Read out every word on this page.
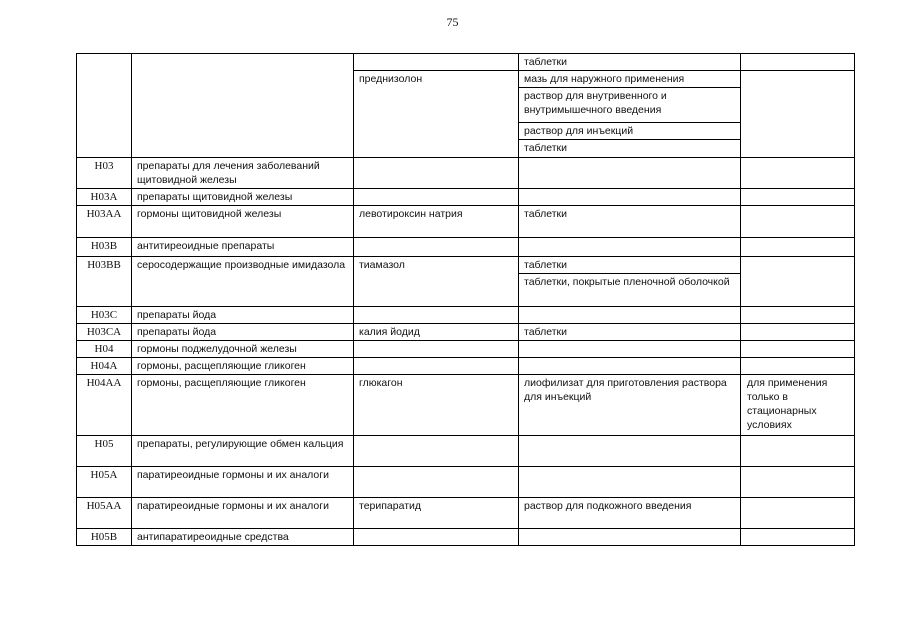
75
			таблетки	
		преднизолон	мазь для наружного применения	
			раствор для внутривенного и внутримышечного введения	
			раствор для инъекций	
			таблетки	
H03	препараты для лечения заболеваний щитовидной железы			
H03A	препараты щитовидной железы			
H03AA	гормоны щитовидной железы	левотироксин натрия	таблетки	
H03B	антитиреоидные препараты			
H03BB	серосодержащие производные имидазола	тиамазол	таблетки	
			таблетки, покрытые пленочной оболочкой	
H03C	препараты йода			
H03CA	препараты йода	калия йодид	таблетки	
H04	гормоны поджелудочной железы			
H04A	гормоны, расщепляющие гликоген			
H04AA	гормоны, расщепляющие гликоген	глюкагон	лиофилизат для приготовления раствора для инъекций	для применения только в стационарных условиях
H05	препараты, регулирующие обмен кальция			
H05A	паратиреоидные гормоны и их аналоги			
H05AA	паратиреоидные гормоны и их аналоги	терипаратид	раствор для подкожного введения	
H05B	антипаратиреоидные средства			
